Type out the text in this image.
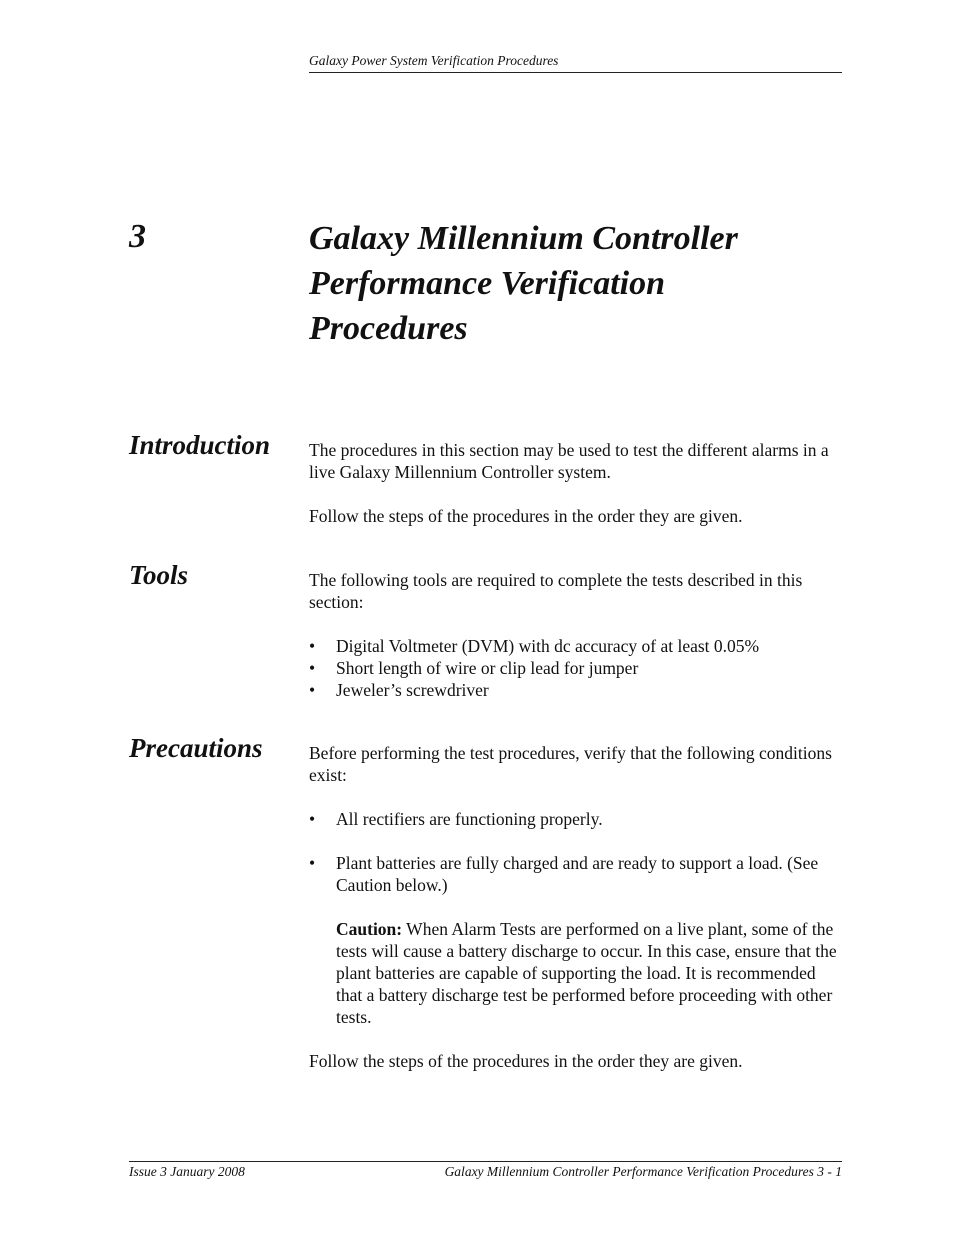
Galaxy Power System Verification Procedures
3	Galaxy Millennium Controller
Performance Verification
Procedures
Introduction The procedures in this section may be used to test the different alarms in a live Galaxy Millennium Controller system.

Follow the steps of the procedures in the order they are given.

Tools	The following tools are required to complete the tests described in this section:

• Digital Voltmeter (DVM) with dc accuracy of at least 0.05%
• Short length of wire or clip lead for jumper
• Jeweler’s screwdriver
Precautions	Before performing the test procedures, verify that the following conditions exist:

• All rectifiers are functioning properly.
• Plant batteries are fully charged and are ready to support a load. (See Caution below.)
Caution: When Alarm Tests are performed on a live plant, some of the tests will cause a battery discharge to occur. In this case, ensure that the plant batteries are capable of supporting the load. It is recommended that a battery discharge test be performed before proceeding with other tests.

Follow the steps of the procedures in the order they are given.

Issue 3 January 2008	Galaxy Millennium Controller Performance Verification Procedures 3 - 1
